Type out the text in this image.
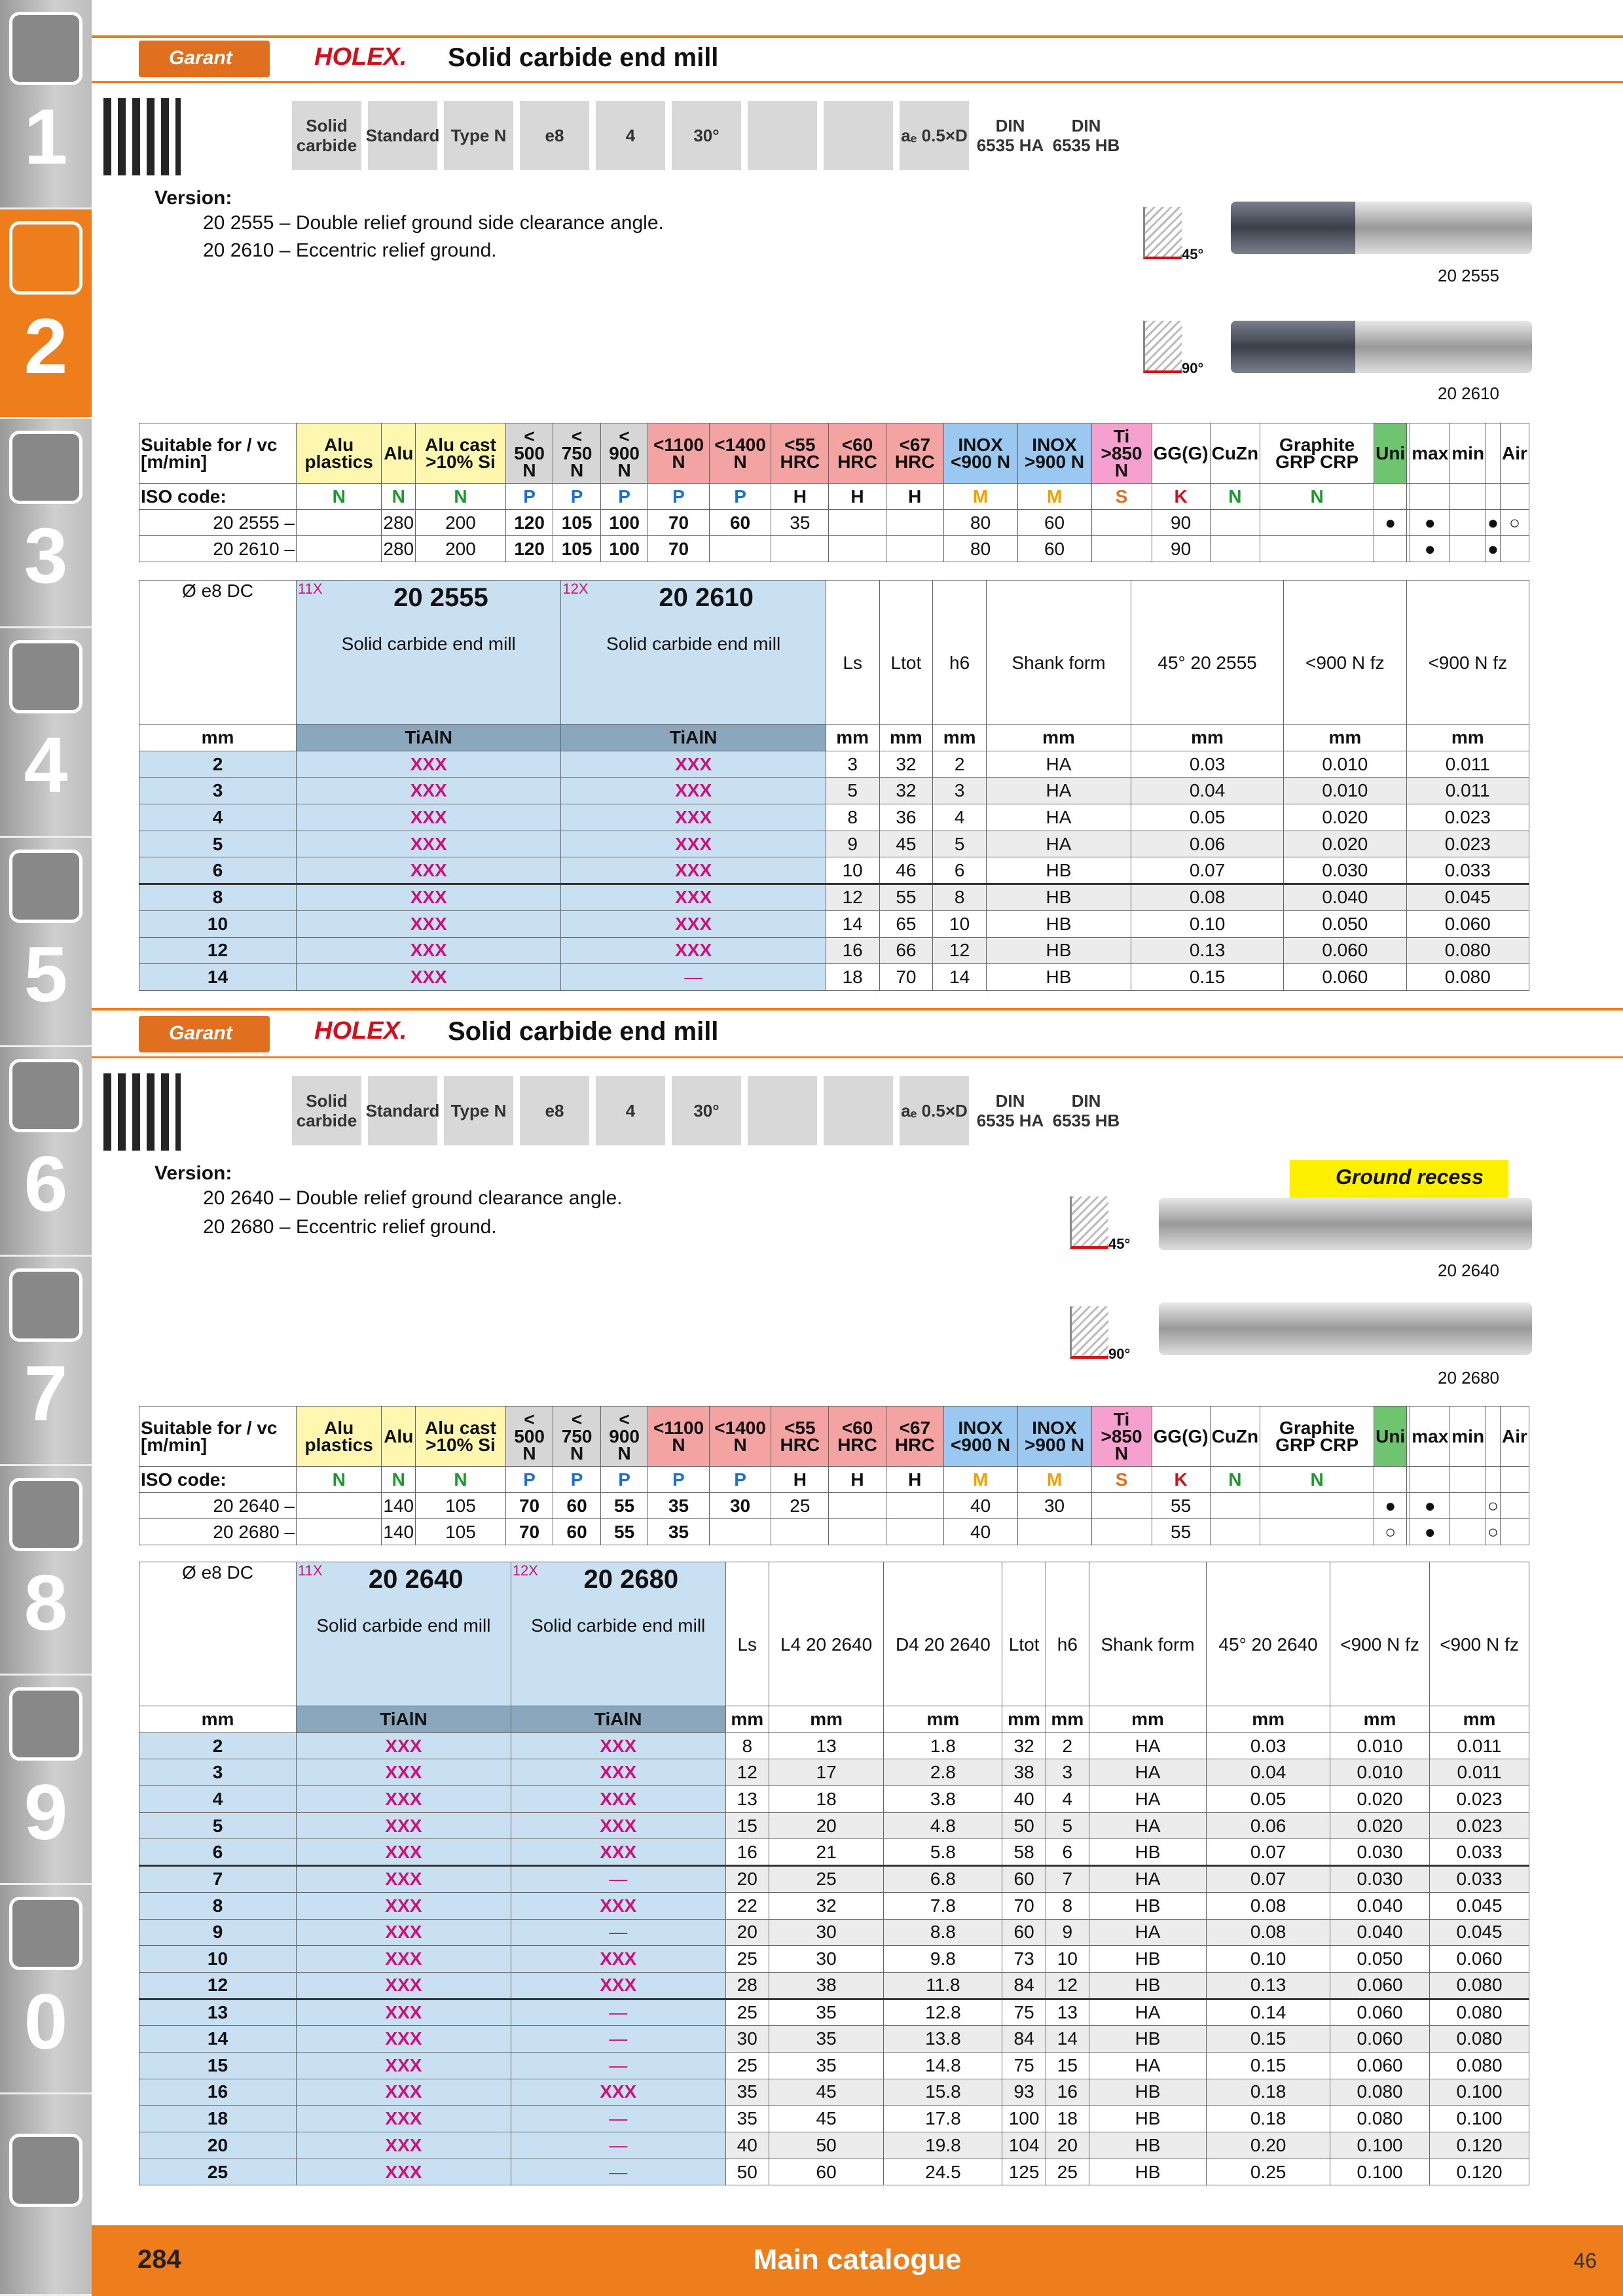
1
2
3
4
5
6
7
8
9
0
Garant	HOLEX. Solid carbide end mill
Solid carbide Standard Type N	e8	4	30°	aₑ 0.5×D	DIN 6535 HA
DIN 6535 HB
Version:
20 2555 – Double relief ground side clearance angle.
20 2610 – Eccentric relief ground.	45°
20 2555
90°
20 2610
Suitable for / vc [m/min]	Alu plastics	Alu	Alu cast >10% Si	< 500 N	< 750 N	< 900 N	<1100 N	<1400 N	<55 HRC	<60 HRC	<67 HRC	INOX <900 N	INOX >900 N	Ti >850 N	GG(G)	CuZn	Graphite GRP CRP	Uni		max	min		Air
ISO code:	N	N	N	P	P	P	P	P	H	H	H	M	M	S	K	N	N						
20 2555 –		280	200	120	105	100	70	60	35			80	60		90			●		●		●	○
20 2610 –		280	200	120	105	100	70					80	60		90					●		●	
Ø e8 DC	11X 20 2555

Solid carbide end mill	12X 20 2610

Solid carbide end mill	Ls	Ltot	h6	Shank form	45° 20 2555	<900 N fz	<900 N fz
mm	TiAlN	TiAlN	mm	mm	mm	mm	mm	mm	mm
2	XXX	XXX	3	32	2	HA	0.03	0.010	0.011
3	XXX	XXX	5	32	3	HA	0.04	0.010	0.011
4	XXX	XXX	8	36	4	HA	0.05	0.020	0.023
5	XXX	XXX	9	45	5	HA	0.06	0.020	0.023
6	XXX	XXX	10	46	6	HB	0.07	0.030	0.033
8	XXX	XXX	12	55	8	HB	0.08	0.040	0.045
10	XXX	XXX	14	65	10	HB	0.10	0.050	0.060
12	XXX	XXX	16	66	12	HB	0.13	0.060	0.080
14	XXX	—	18	70	14	HB	0.15	0.060	0.080
Garant	HOLEX. Solid carbide end mill
Solid carbide Standard Type N	e8	4	30°	aₑ 0.5×D	DIN 6535 HA
DIN 6535 HB
Version:
20 2640 – Double relief ground clearance angle.
20 2680 – Eccentric relief ground.
Ground recess
45°
20 2640
90°
20 2680
Suitable for / vc [m/min]	Alu plastics	Alu	Alu cast >10% Si	< 500 N	< 750 N	< 900 N	<1100 N	<1400 N	<55 HRC	<60 HRC	<67 HRC	INOX <900 N	INOX >900 N	Ti >850 N	GG(G)	CuZn	Graphite GRP CRP	Uni		max	min		Air
ISO code:	N	N	N	P	P	P	P	P	H	H	H	M	M	S	K	N	N						
20 2640 –		140	105	70	60	55	35	30	25			40	30		55			●		●		○	
20 2680 –		140	105	70	60	55	35					40			55			○		●		○	
Ø e8 DC	11X 20 2640

Solid carbide end mill	12X 20 2680

Solid carbide end mill	Ls	L4 20 2640	D4 20 2640	Ltot	h6	Shank form	45° 20 2640	<900 N fz	<900 N fz
mm	TiAlN	TiAlN	mm	mm	mm	mm	mm	mm	mm	mm	mm
2	XXX	XXX	8	13	1.8	32	2	HA	0.03	0.010	0.011
3	XXX	XXX	12	17	2.8	38	3	HA	0.04	0.010	0.011
4	XXX	XXX	13	18	3.8	40	4	HA	0.05	0.020	0.023
5	XXX	XXX	15	20	4.8	50	5	HA	0.06	0.020	0.023
6	XXX	XXX	16	21	5.8	58	6	HB	0.07	0.030	0.033
7	XXX	—	20	25	6.8	60	7	HA	0.07	0.030	0.033
8	XXX	XXX	22	32	7.8	70	8	HB	0.08	0.040	0.045
9	XXX	—	20	30	8.8	60	9	HA	0.08	0.040	0.045
10	XXX	XXX	25	30	9.8	73	10	HB	0.10	0.050	0.060
12	XXX	XXX	28	38	11.8	84	12	HB	0.13	0.060	0.080
13	XXX	—	25	35	12.8	75	13	HA	0.14	0.060	0.080
14	XXX	—	30	35	13.8	84	14	HB	0.15	0.060	0.080
15	XXX	—	25	35	14.8	75	15	HA	0.15	0.060	0.080
16	XXX	XXX	35	45	15.8	93	16	HB	0.18	0.080	0.100
18	XXX	—	35	45	17.8	100	18	HB	0.18	0.080	0.100
20	XXX	—	40	50	19.8	104	20	HB	0.20	0.100	0.120
25	XXX	—	50	60	24.5	125	25	HB	0.25	0.100	0.120
284	Main catalogue	46
